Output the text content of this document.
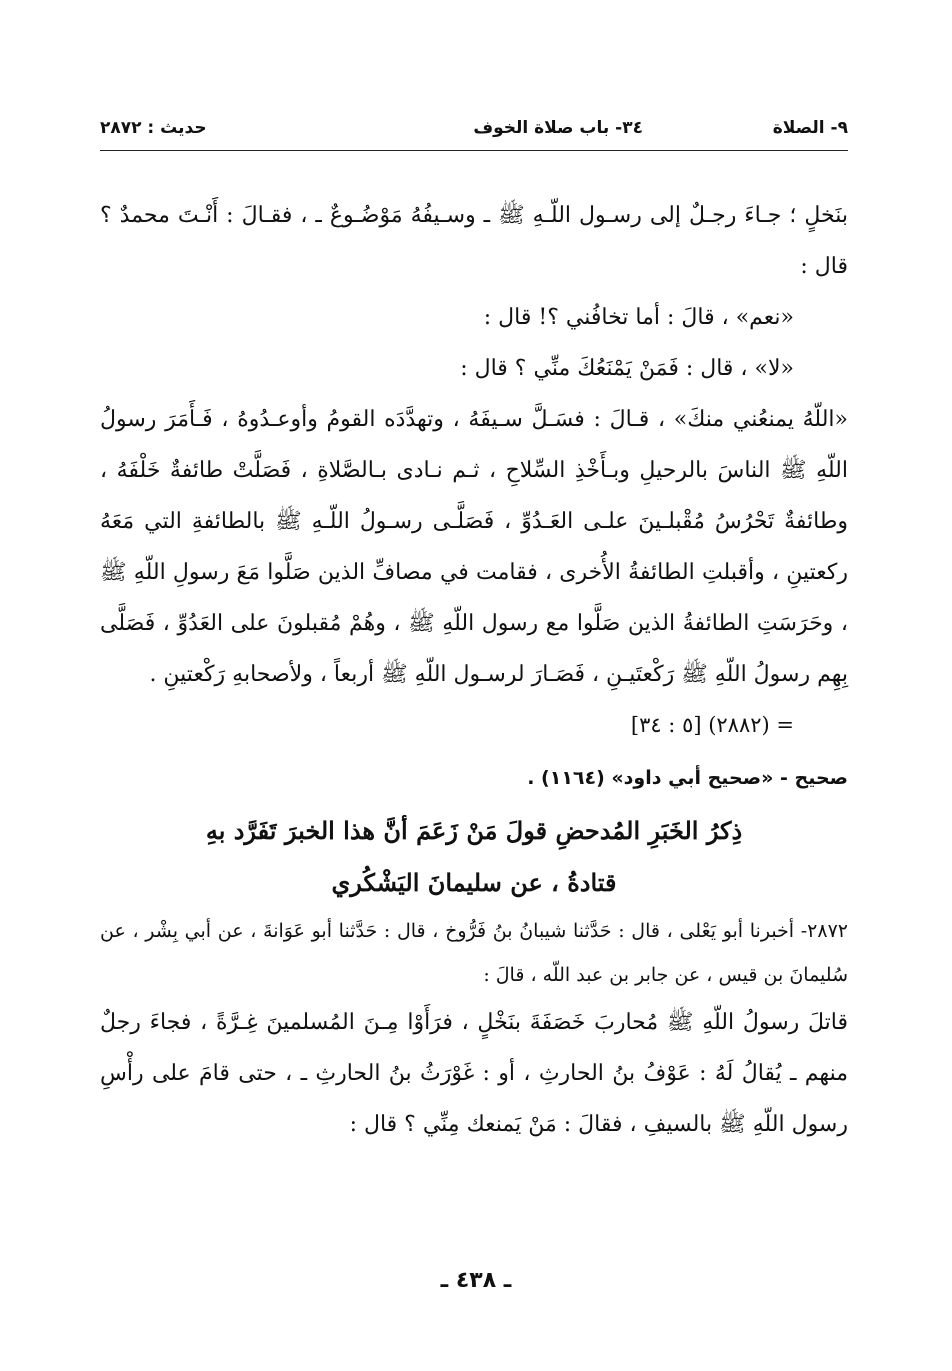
٩- الصلاة
٣٤- باب صلاة الخوف
حديث : ٢٨٧٢

بنَخلٍ ؛ جـاءَ رجـلٌ إلى رسـول اللّـهِ ﷺ ـ وسـيفُهُ مَوْضُـوعٌ ـ ، فقـالَ : أَنْـتَ محمدٌ ؟ قال :

«نعم» ، قالَ : أما تخافُني ؟! قال :

«لا» ، قال : فَمَنْ يَمْنَعُكَ منِّي ؟ قال :

«اللّهُ يمنعُني منكَ» ، قـالَ : فسَـلَّ سـيفَهُ ، وتهدَّدَه القومُ وأوعـدُوهُ ، فَـأَمَرَ رسولُ اللّهِ ﷺ الناسَ بالرحيلِ وبـأَخْذِ السِّلاحِ ، ثـم نـادى بـالصَّلاةِ ، فَصَلَّتْ طائفةٌ خَلْفَهُ ، وطائفةٌ تَحْرُسُ مُقْبلـينَ علـى العَـدُوِّ ، فَصَلَّـى رسـولُ اللّـهِ ﷺ بالطائفةِ التي مَعَهُ ركعتينِ ، وأقبلتِ الطائفةُ الأُخرى ، فقامت في مصافِّ الذين صَلَّوا مَعَ رسولِ اللّهِ ﷺ ، وحَرَسَتِ الطائفةُ الذين صَلَّوا مع رسول اللّهِ ﷺ ، وهُمْ مُقبلونَ على العَدُوِّ ، فَصَلَّى بِهِم رسولُ اللّهِ ﷺ رَكْعتَيـنِ ، فَصَـارَ لرسـول اللّهِ ﷺ أربعاً ، ولأصحابهِ رَكْعتينِ .

= (٢٨٨٢) [٥ : ٣٤]

صحيح - «صحيح أبي داود» (١١٦٤) .

ذِكرُ الخَبَرِ المُدحضِ قولَ مَنْ زَعَمَ أنَّ هذا الخبرَ تَفَرَّد بهِ

قتادةُ ، عن سليمانَ اليَشْكُري

٢٨٧٢- أخبرنا أبو يَعْلى ، قال : حَدَّثنا شيبانُ بنُ فَرُّوخ ، قال : حَدَّثنا أبو عَوَانةَ ، عن أبي بِشْر ، عن سُليمانَ بن قيس ، عن جابر بن عبد اللّه ، قالَ :

قاتلَ رسولُ اللّهِ ﷺ مُحاربَ خَصَفَةَ بنَخْلٍ ، فرَأَوْا مِـنَ المُسلمينَ غِـرَّةً ، فجاءَ رجلٌ منهم ـ يُقالُ لَهُ : عَوْفُ بنُ الحارثِ ، أو : غَوْرَثُ بنُ الحارثِ ـ ، حتى قامَ على رأْسِ رسول اللّهِ ﷺ بالسيفِ ، فقالَ : مَنْ يَمنعك مِنِّي ؟ قال :

ـ ٤٣٨ ـ
